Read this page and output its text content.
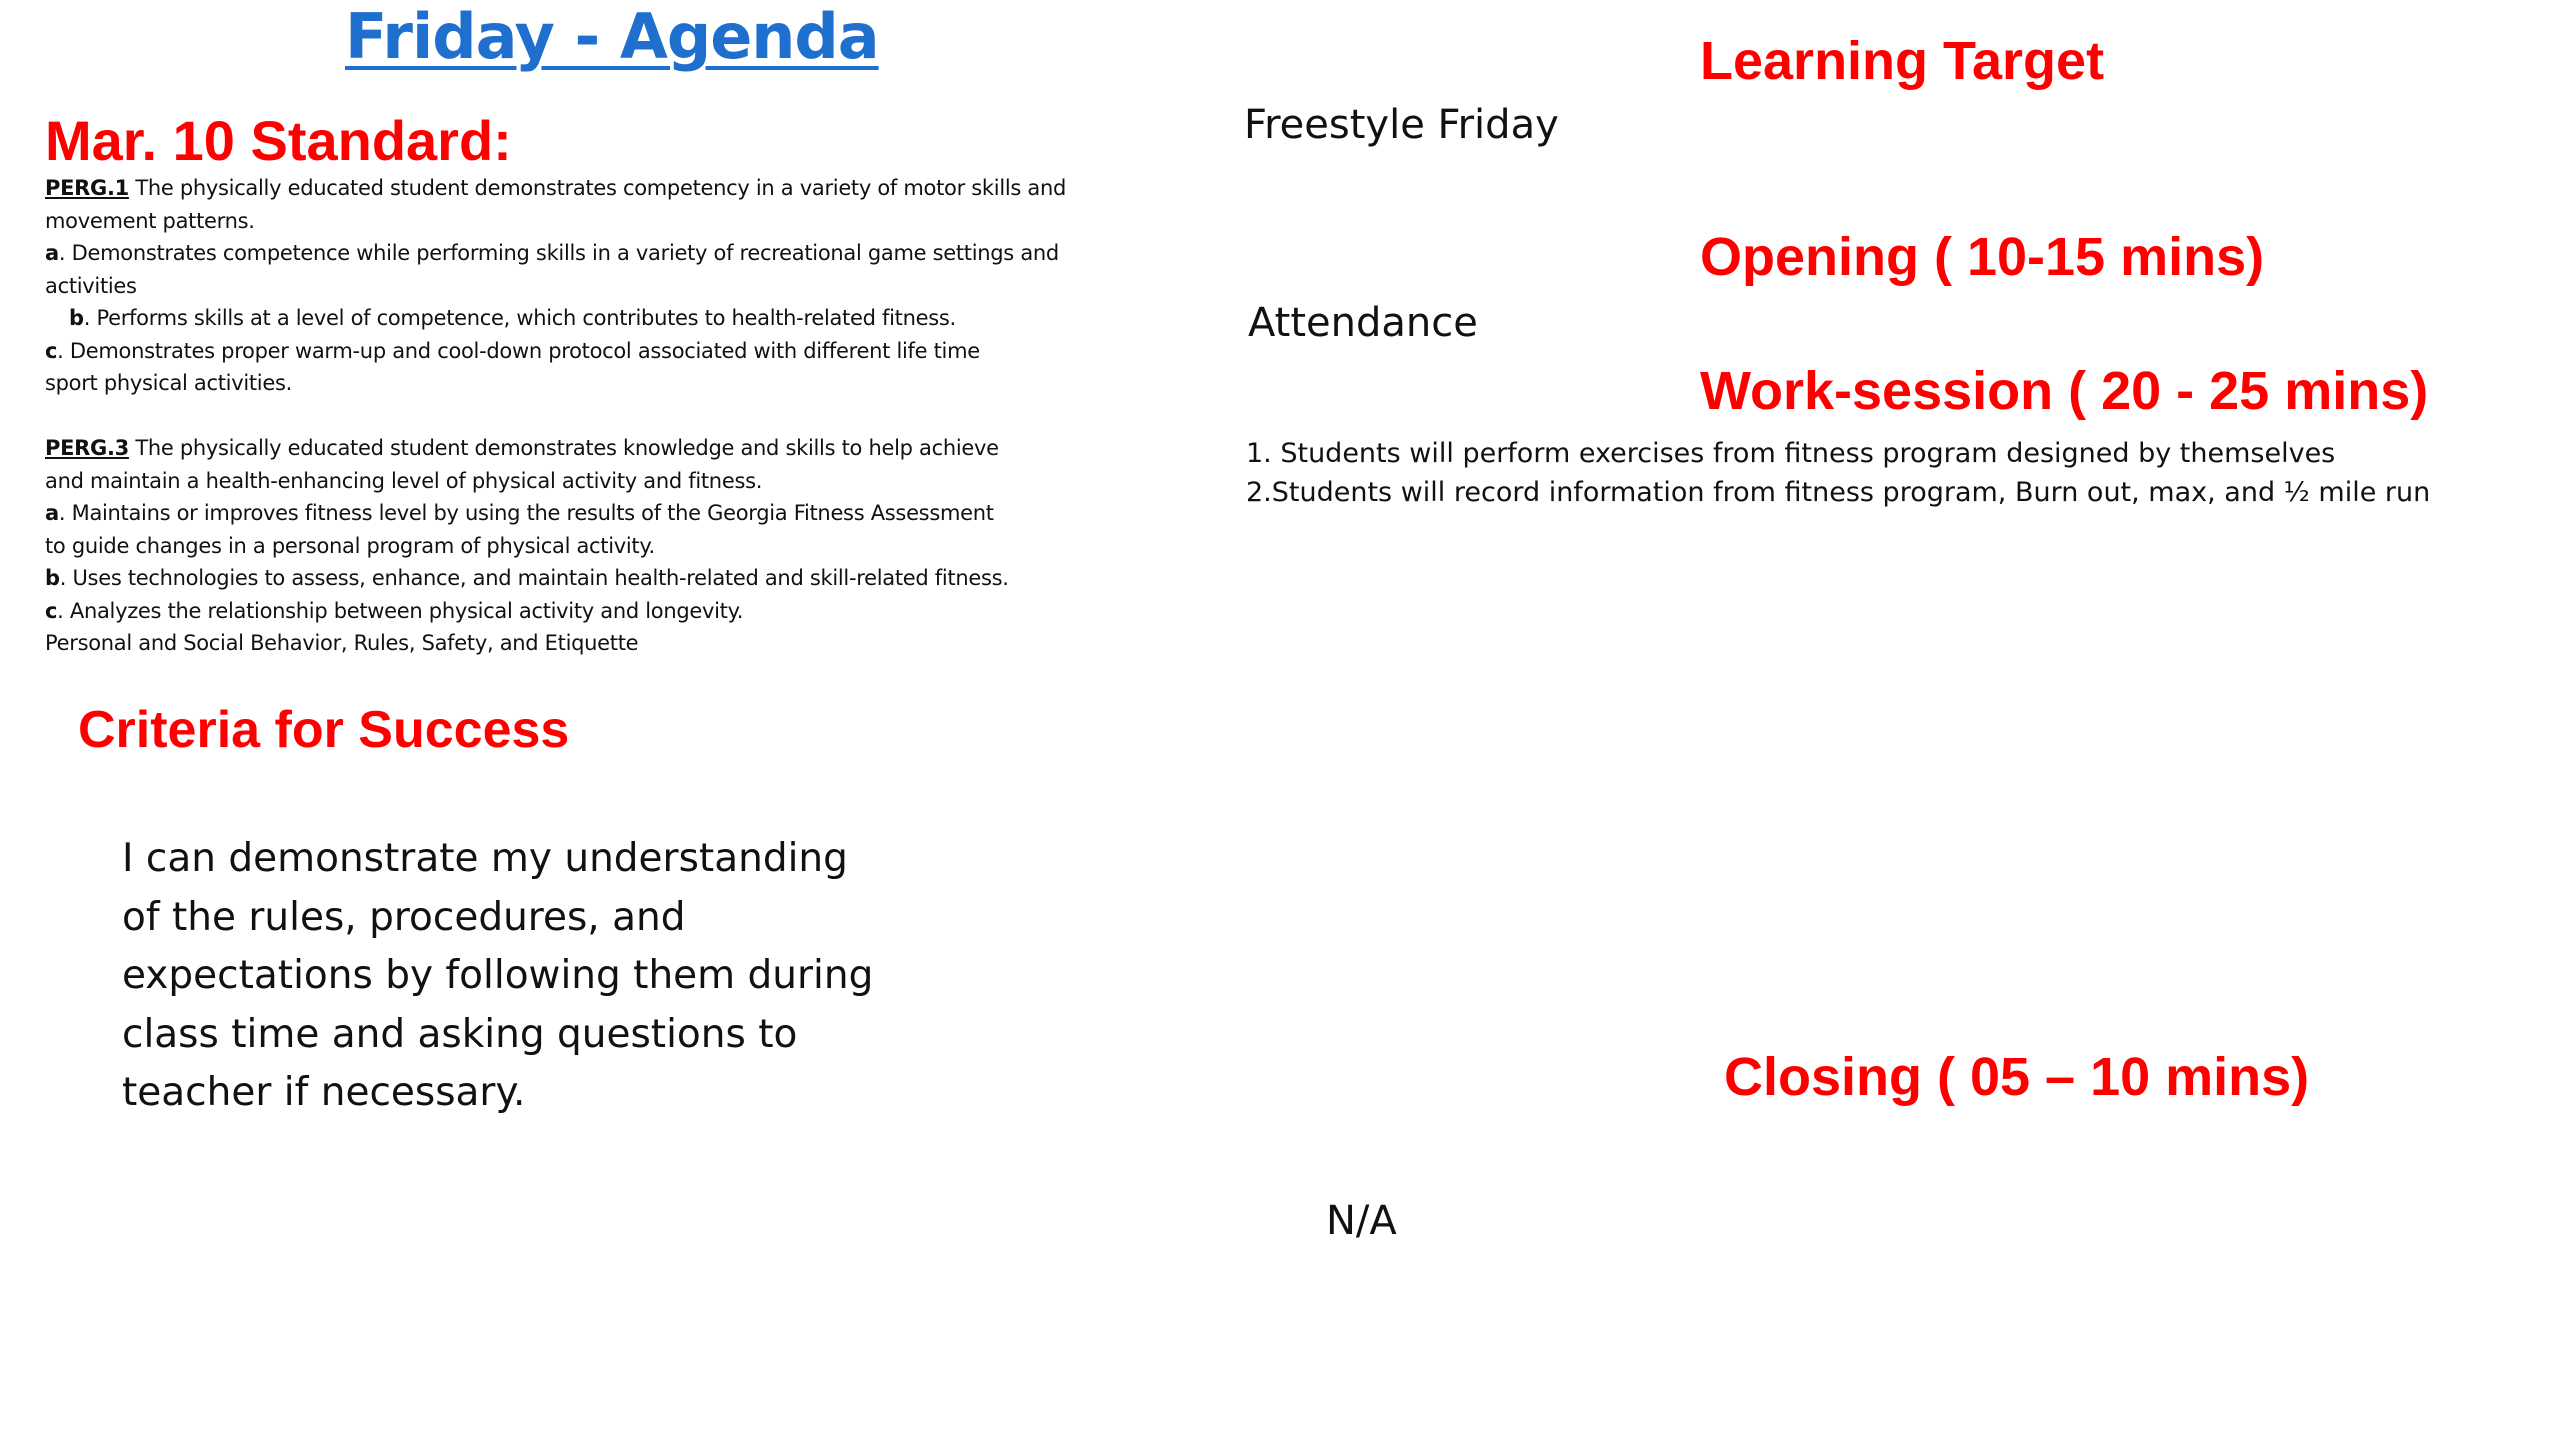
Friday - Agenda
Mar. 10 Standard:
PERG.1 The physically educated student demonstrates competency in a variety of motor skills and
movement patterns.
a. Demonstrates competence while performing skills in a variety of recreational game settings and
activities
b. Performs skills at a level of competence, which contributes to health-related fitness.
c. Demonstrates proper warm-up and cool-down protocol associated with different life time
sport physical activities.
PERG.3 The physically educated student demonstrates knowledge and skills to help achieve
and maintain a health-enhancing level of physical activity and fitness.
a. Maintains or improves fitness level by using the results of the Georgia Fitness Assessment
to guide changes in a personal program of physical activity.
b. Uses technologies to assess, enhance, and maintain health-related and skill-related fitness.
c. Analyzes the relationship between physical activity and longevity.
Personal and Social Behavior, Rules, Safety, and Etiquette
Criteria for Success
I can demonstrate my understanding of the rules, procedures, and expectations by following them during class time and asking questions to teacher if necessary.
Learning Target
Freestyle Friday
Opening ( 10-15 mins)
Attendance
Work-session ( 20 - 25 mins)
1. Students will perform exercises from fitness program designed by themselves
2.Students will record information from fitness program, Burn out, max, and ½ mile run
Closing ( 05 – 10 mins)
N/A
